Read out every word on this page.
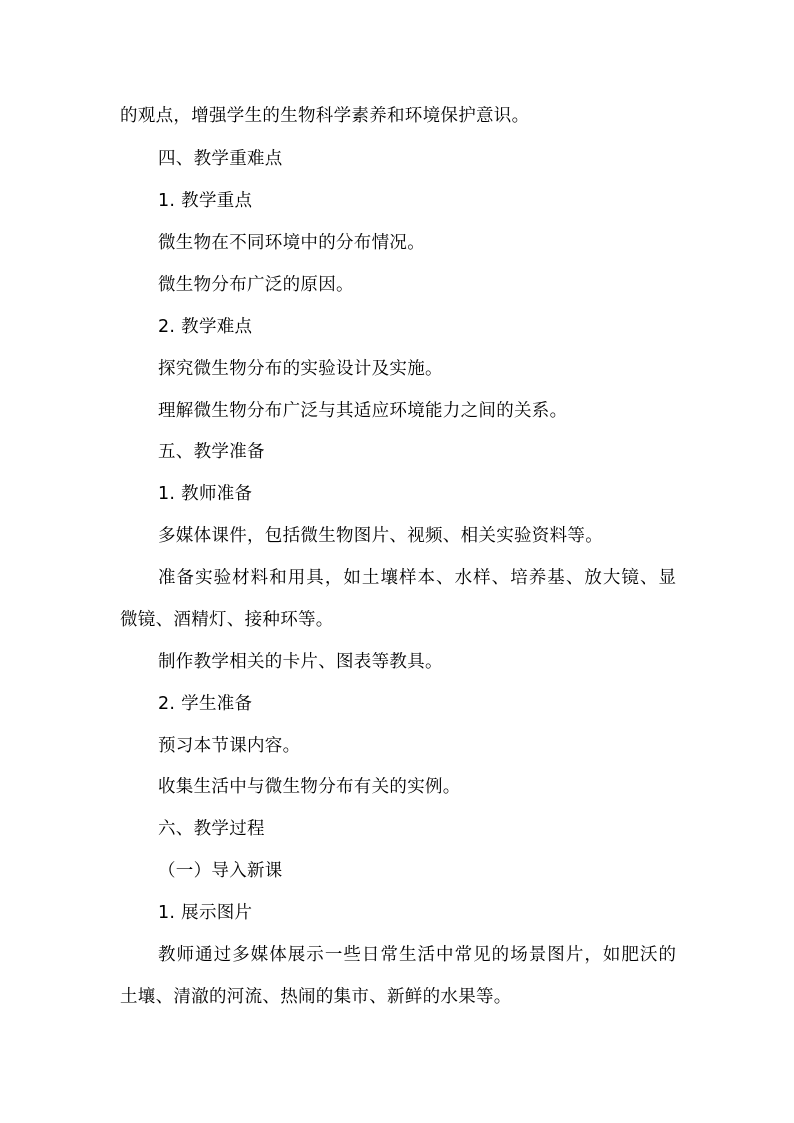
的观点，增强学生的生物科学素养和环境保护意识。
四、教学重难点
1. 教学重点
微生物在不同环境中的分布情况。
微生物分布广泛的原因。
2. 教学难点
探究微生物分布的实验设计及实施。
理解微生物分布广泛与其适应环境能力之间的关系。
五、教学准备
1. 教师准备
多媒体课件，包括微生物图片、视频、相关实验资料等。
准备实验材料和用具，如土壤样本、水样、培养基、放大镜、显
微镜、酒精灯、接种环等。
制作教学相关的卡片、图表等教具。
2. 学生准备
预习本节课内容。
收集生活中与微生物分布有关的实例。
六、教学过程
（一）导入新课
1. 展示图片
教师通过多媒体展示一些日常生活中常见的场景图片，如肥沃的
土壤、清澈的河流、热闹的集市、新鲜的水果等。
